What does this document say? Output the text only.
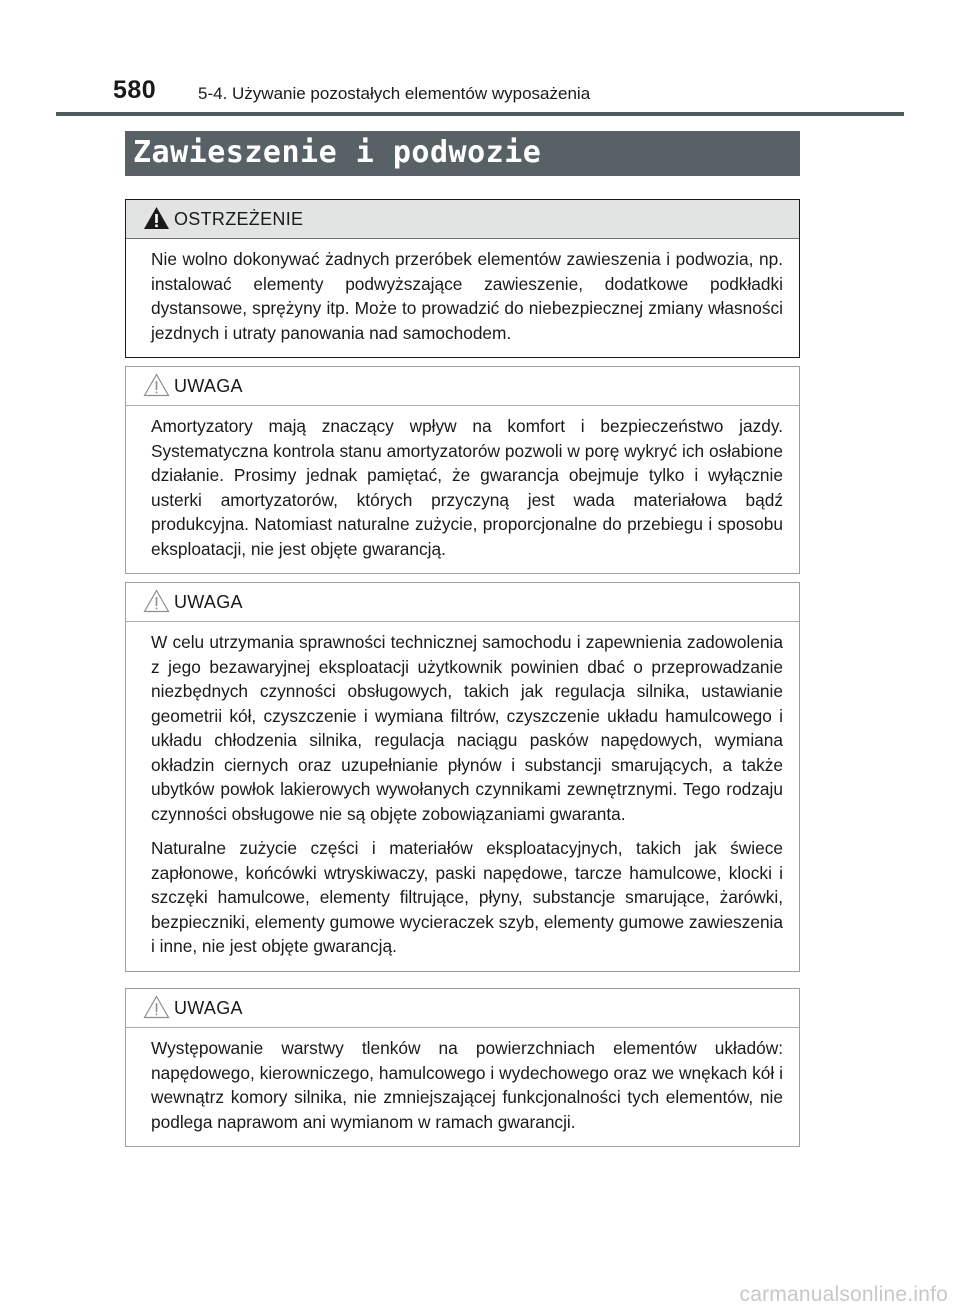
580 5-4. Używanie pozostałych elementów wyposażenia
Zawieszenie i podwozie
OSTRZEŻENIE

Nie wolno dokonywać żadnych przeróbek elementów zawieszenia i podwozia, np. instalować elementy podwyższające zawieszenie, dodatkowe podkładki dystansowe, sprężyny itp. Może to prowadzić do niebezpiecznej zmiany własności jezdnych i utraty panowania nad samochodem.

UWAGA

Amortyzatory mają znaczący wpływ na komfort i bezpieczeństwo jazdy. Systematyczna kontrola stanu amortyzatorów pozwoli w porę wykryć ich osłabione działanie. Prosimy jednak pamiętać, że gwarancja obejmuje tylko i wyłącznie usterki amortyzatorów, których przyczyną jest wada materiałowa bądź produkcyjna. Natomiast naturalne zużycie, proporcjonalne do przebiegu i sposobu eksploatacji, nie jest objęte gwarancją.

UWAGA

W celu utrzymania sprawności technicznej samochodu i zapewnienia zadowolenia z jego bezawaryjnej eksploatacji użytkownik powinien dbać o przeprowadzanie niezbędnych czynności obsługowych, takich jak regulacja silnika, ustawianie geometrii kół, czyszczenie i wymiana filtrów, czyszczenie układu hamulcowego i układu chłodzenia silnika, regulacja naciągu pasków napędowych, wymiana okładzin ciernych oraz uzupełnianie płynów i substancji smarujących, a także ubytków powłok lakierowych wywołanych czynnikami zewnętrznymi. Tego rodzaju czynności obsługowe nie są objęte zobowiązaniami gwaranta.

Naturalne zużycie części i materiałów eksploatacyjnych, takich jak świece zapłonowe, końcówki wtryskiwaczy, paski napędowe, tarcze hamulcowe, klocki i szczęki hamulcowe, elementy filtrujące, płyny, substancje smarujące, żarówki, bezpieczniki, elementy gumowe wycieraczek szyb, elementy gumowe zawieszenia i inne, nie jest objęte gwarancją.

UWAGA

Występowanie warstwy tlenków na powierzchniach elementów układów: napędowego, kierowniczego, hamulcowego i wydechowego oraz we wnękach kół i wewnątrz komory silnika, nie zmniejszającej funkcjonalności tych elementów, nie podlega naprawom ani wymianom w ramach gwarancji.

carmanualsonline.info
